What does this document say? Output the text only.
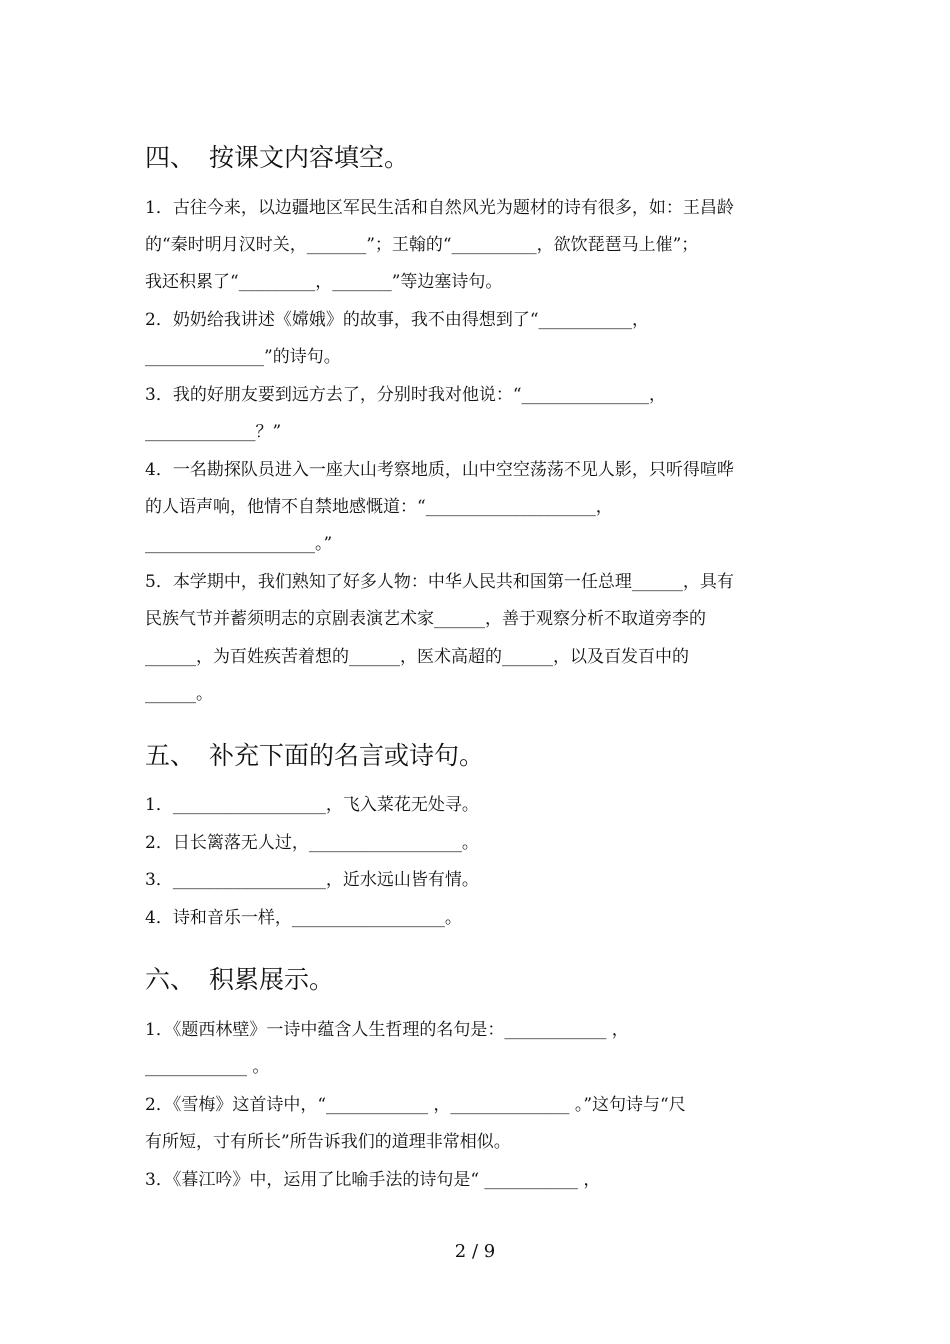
四、 按课文内容填空。
1．古往今来，以边疆地区军民生活和自然风光为题材的诗有很多，如：王昌龄
的“秦时明月汉时关，_______”；王翰的“__________，欲饮琵琶马上催”；
我还积累了“_________，_______”等边塞诗句。
2．奶奶给我讲述《嫦娥》的故事，我不由得想到了“___________，
______________”的诗句。
3．我的好朋友要到远方去了，分别时我对他说：“_______________，
_____________？”
4．一名勘探队员进入一座大山考察地质，山中空空荡荡不见人影，只听得喧哗
的人语声响，他情不自禁地感慨道：“____________________，
____________________。”
5．本学期中，我们熟知了好多人物：中华人民共和国第一任总理______，具有
民族气节并蓄须明志的京剧表演艺术家______，善于观察分析不取道旁李的
______，为百姓疾苦着想的______，医术高超的______，以及百发百中的
______。
五、 补充下面的名言或诗句。
1．__________________，飞入菜花无处寻。
2．日长篱落无人过，__________________。
3．__________________，近水远山皆有情。
4．诗和音乐一样，__________________。
六、 积累展示。
1．《题西林壁》一诗中蕴含人生哲理的名句是：____________ ，
____________ 。
2．《雪梅》这首诗中，“____________ ，______________ 。”这句诗与“尺
有所短，寸有所长”所告诉我们的道理非常相似。
3．《暮江吟》中，运用了比喻手法的诗句是“ ___________ ，
2 / 9
